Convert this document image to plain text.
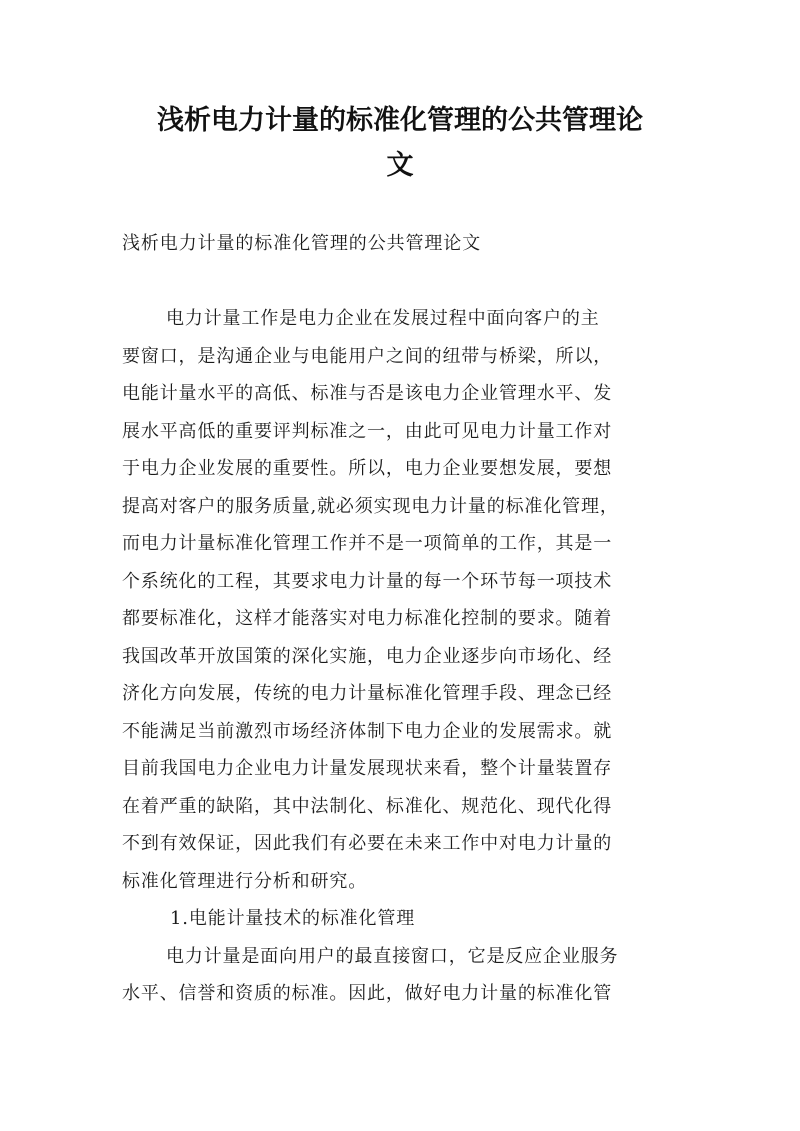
浅析电力计量的标准化管理的公共管理论
文

浅析电力计量的标准化管理的公共管理论文

电力计量工作是电力企业在发展过程中面向客户的主
要窗口，是沟通企业与电能用户之间的纽带与桥梁，所以，
电能计量水平的高低、标准与否是该电力企业管理水平、发
展水平高低的重要评判标准之一，由此可见电力计量工作对
于电力企业发展的重要性。所以，电力企业要想发展，要想
提高对客户的服务质量,就必须实现电力计量的标准化管理，
而电力计量标准化管理工作并不是一项简单的工作，其是一
个系统化的工程，其要求电力计量的每一个环节每一项技术
都要标准化，这样才能落实对电力标准化控制的要求。随着
我国改革开放国策的深化实施，电力企业逐步向市场化、经
济化方向发展，传统的电力计量标准化管理手段、理念已经
不能满足当前激烈市场经济体制下电力企业的发展需求。就
目前我国电力企业电力计量发展现状来看，整个计量装置存
在着严重的缺陷，其中法制化、标准化、规范化、现代化得
不到有效保证，因此我们有必要在未来工作中对电力计量的
标准化管理进行分析和研究。
1.电能计量技术的标准化管理
电力计量是面向用户的最直接窗口，它是反应企业服务
水平、信誉和资质的标准。因此，做好电力计量的标准化管
